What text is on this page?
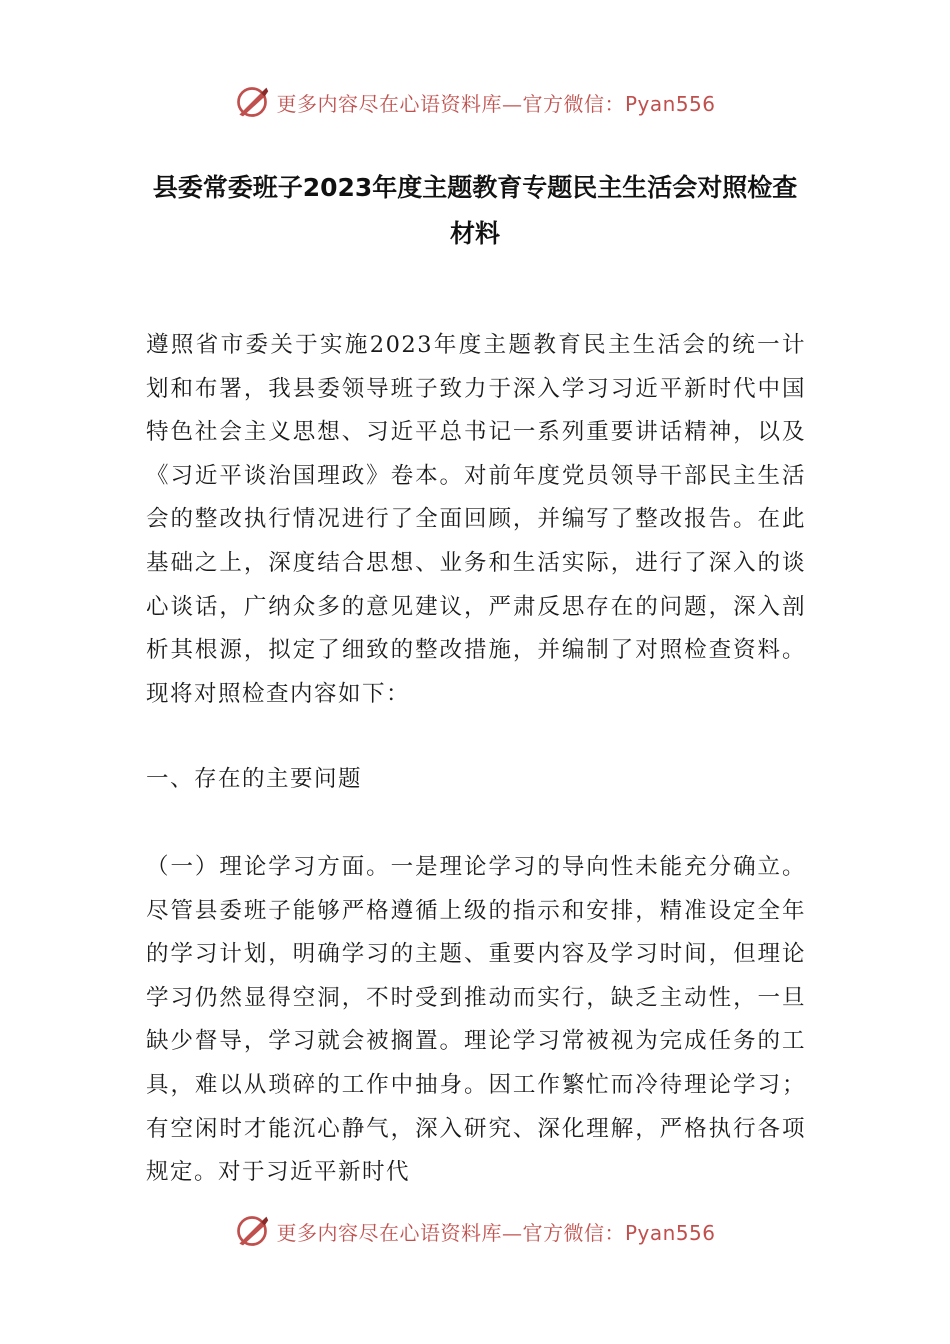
更多内容尽在心语资料库—官方微信：Pyan556
县委常委班子2023年度主题教育专题民主生活会对照检查
材料

遵照省市委关于实施2023年度主题教育民主生活会的统一计划和布署，我县委领导班子致力于深入学习习近平新时代中国特色社会主义思想、习近平总书记一系列重要讲话精神，以及《习近平谈治国理政》卷本。对前年度党员领导干部民主生活会的整改执行情况进行了全面回顾，并编写了整改报告。在此基础之上，深度结合思想、业务和生活实际，进行了深入的谈心谈话，广纳众多的意见建议，严肃反思存在的问题，深入剖析其根源，拟定了细致的整改措施，并编制了对照检查资料。现将对照检查内容如下：

一、存在的主要问题

（一）理论学习方面。一是理论学习的导向性未能充分确立。尽管县委班子能够严格遵循上级的指示和安排，精准设定全年的学习计划，明确学习的主题、重要内容及学习时间，但理论学习仍然显得空洞，不时受到推动而实行，缺乏主动性，一旦缺少督导，学习就会被搁置。理论学习常被视为完成任务的工具，难以从琐碎的工作中抽身。因工作繁忙而冷待理论学习；有空闲时才能沉心静气，深入研究、深化理解，严格执行各项规定。对于习近平新时代

更多内容尽在心语资料库—官方微信：Pyan556
